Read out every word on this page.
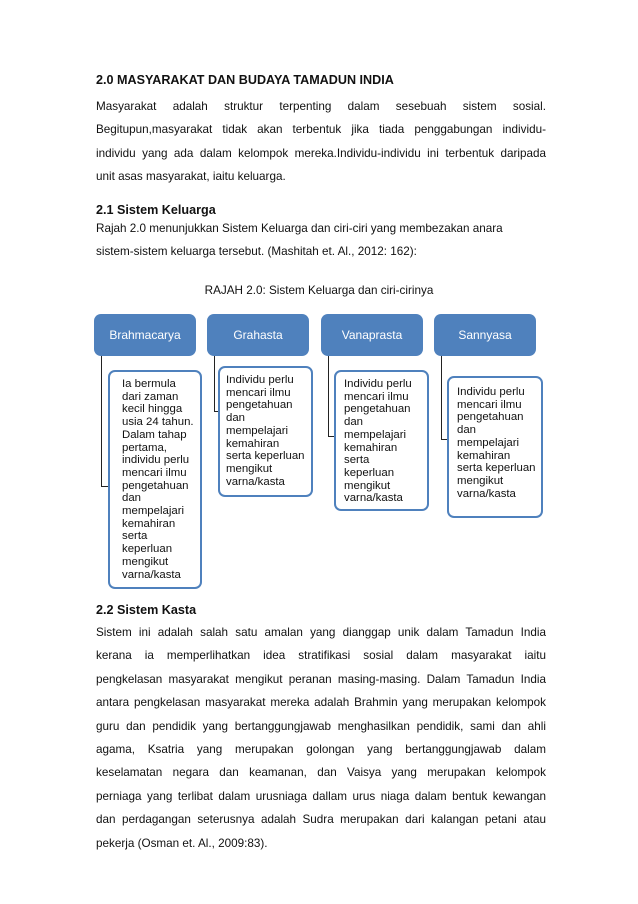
2.0 MASYARAKAT DAN BUDAYA TAMADUN INDIA
Masyarakat adalah struktur terpenting dalam sesebuah sistem sosial.
Begitupun,masyarakat tidak akan terbentuk jika tiada penggabungan individu-
individu yang ada dalam kelompok mereka.Individu-individu ini terbentuk daripada
unit asas masyarakat, iaitu keluarga.
2.1 Sistem Keluarga
Rajah 2.0 menunjukkan Sistem Keluarga dan ciri-ciri yang membezakan anara
sistem-sistem keluarga tersebut. (Mashitah et. Al., 2012: 162):
RAJAH 2.0: Sistem Keluarga dan ciri-cirinya
Brahmacarya	Grahasta	Vanaprasta	Sannyasa
Ia bermula
dari zaman
kecil hingga
usia 24 tahun.
Dalam tahap
pertama,
individu perlu
mencari ilmu
pengetahuan
dan
mempelajari
kemahiran
serta
keperluan
mengikut
varna/kasta
Individu perlu
mencari ilmu
pengetahuan
dan
mempelajari
kemahiran
serta keperluan
mengikut
varna/kasta
Individu perlu
mencari ilmu
pengetahuan
dan
mempelajari
kemahiran
serta
keperluan
mengikut
varna/kasta
Individu perlu
mencari ilmu
pengetahuan
dan
mempelajari
kemahiran
serta keperluan
mengikut
varna/kasta
2.2 Sistem Kasta
Sistem ini adalah salah satu amalan yang dianggap unik dalam Tamadun India
kerana ia memperlihatkan idea stratifikasi sosial dalam masyarakat iaitu
pengkelasan masyarakat mengikut peranan masing-masing. Dalam Tamadun India
antara pengkelasan masyarakat mereka adalah Brahmin yang merupakan kelompok
guru dan pendidik yang bertanggungjawab menghasilkan pendidik, sami dan ahli
agama, Ksatria yang merupakan golongan yang bertanggungjawab dalam
keselamatan negara dan keamanan, dan Vaisya yang merupakan kelompok
perniaga yang terlibat dalam urusniaga dallam urus niaga dalam bentuk kewangan
dan perdagangan seterusnya adalah Sudra merupakan dari kalangan petani atau
pekerja (Osman et. Al., 2009:83).
